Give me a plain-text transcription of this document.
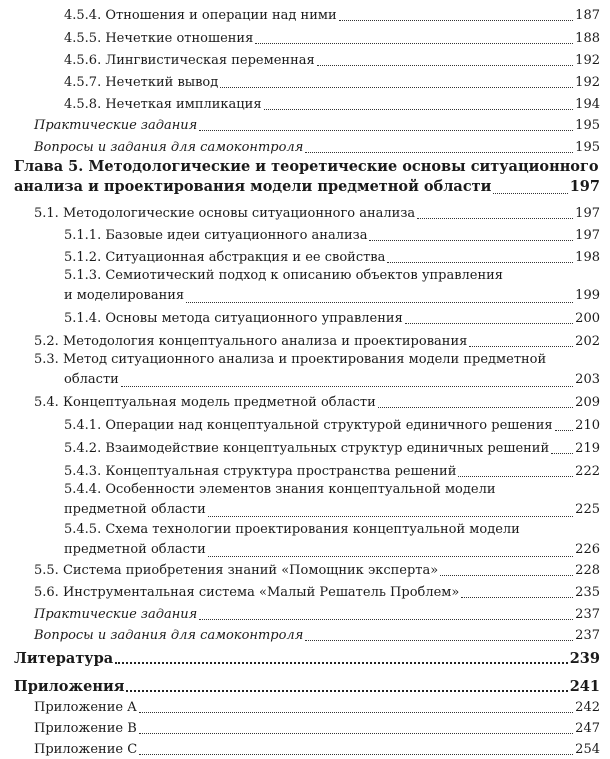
4.5.4. Отношения и операции над ними	187
4.5.5. Нечеткие отношения	188
4.5.6. Лингвистическая переменная	192
4.5.7. Нечеткий вывод	192
4.5.8. Нечеткая импликация	194
Практические задания	195
Вопросы и задания для самоконтроля	195
Глава 5. Методологические и теоретические основы ситуационного
анализа и проектирования модели предметной области	197
5.1. Методологические основы ситуационного анализа	197
5.1.1. Базовые идеи ситуационного анализа	197
5.1.2. Ситуационная абстракция и ее свойства	198
5.1.3. Семиотический подход к описанию объектов управления
и моделирования	199
5.1.4. Основы метода ситуационного управления	200
5.2. Методология концептуального анализа и проектирования	202
5.3. Метод ситуационного анализа и проектирования модели предметной
области	203
5.4. Концептуальная модель предметной области	209
5.4.1. Операции над концептуальной структурой единичного решения 210
5.4.2. Взаимодействие концептуальных структур единичных решений 219
5.4.3. Концептуальная структура пространства решений	222
5.4.4. Особенности элементов знания концептуальной модели
предметной области	225
5.4.5. Схема технологии проектирования концептуальной модели
предметной области	226
5.5. Система приобретения знаний «Помощник эксперта»	228
5.6. Инструментальная система «Малый Решатель Проблем»	235
Практические задания	237
Вопросы и задания для самоконтроля	237
Литература	239
Приложения	241
Приложение A	242
Приложение B	247
Приложение C	254
